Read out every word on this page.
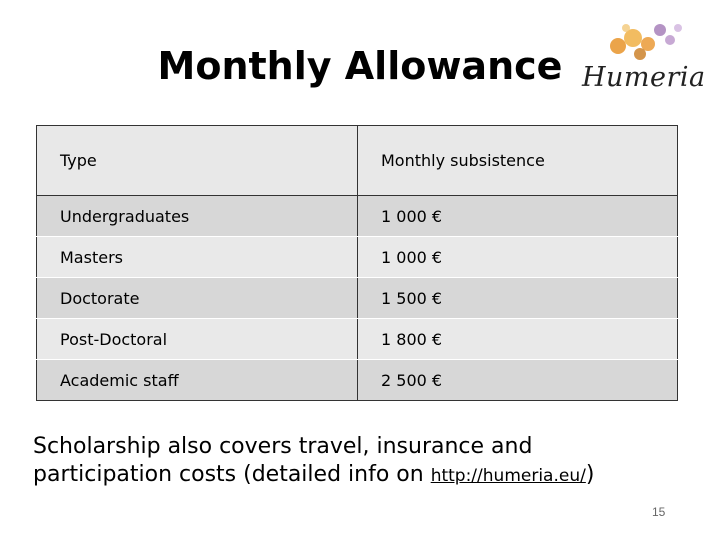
Monthly Allowance Humeria
Type	Monthly subsistence
Undergraduates	1 000 €
Masters	1 000 €
Doctorate	1 500 €
Post-Doctoral	1 800 €
Academic staff	2 500 €
Scholarship also covers travel, insurance and
participation costs (detailed info on http://humeria.eu/)
15
